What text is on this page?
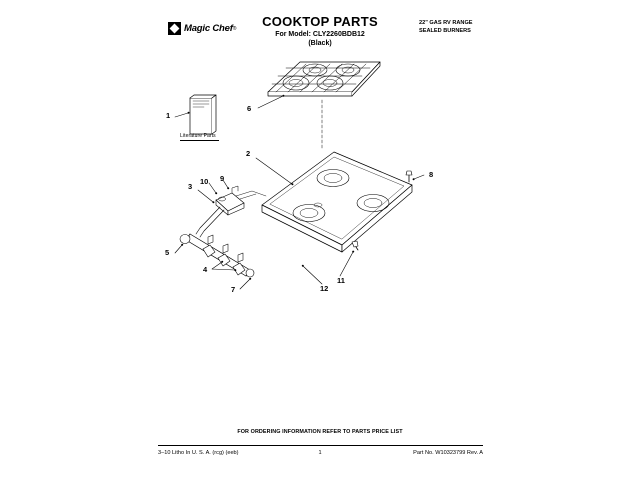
Magic Chef ®	COOKTOP PARTS
For Model: CLY2260BDB12
(Black)
22" GAS RV RANGE
SEALED BURNERS
Literature Parts
1
2
3
4
5
6
7
8
9
10
11
12
FOR ORDERING INFORMATION REFER TO PARTS PRICE LIST
3–10 Litho In U. S. A. (rcg) (eeb)	1	Part No. W10323799 Rev. A
